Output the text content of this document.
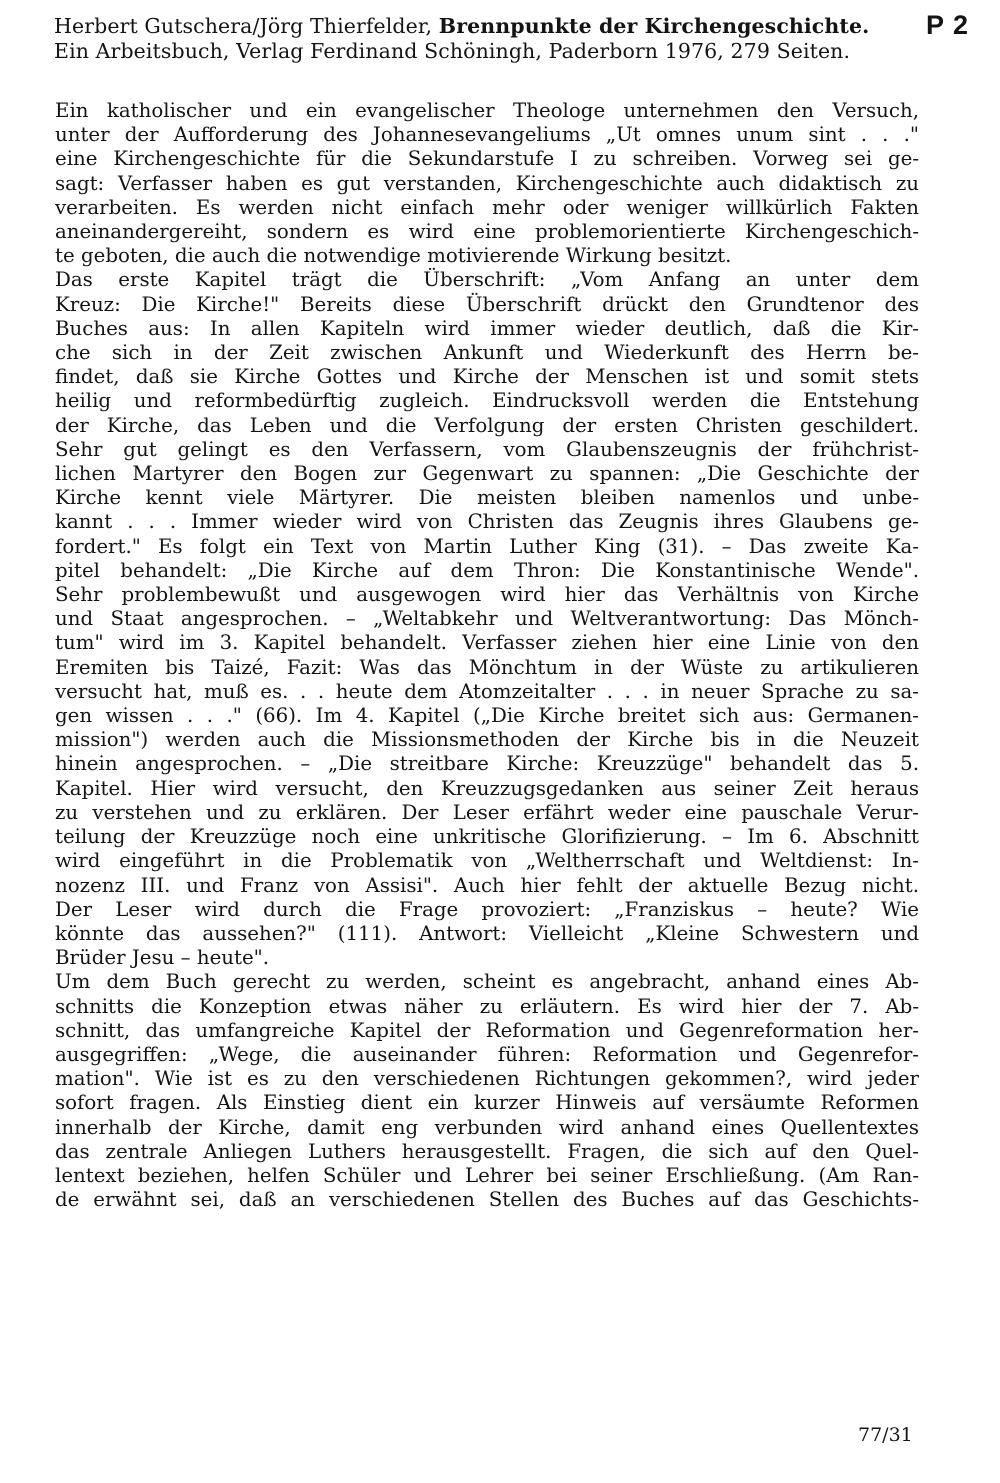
Herbert Gutschera/Jörg Thierfelder, Brennpunkte der Kirchengeschichte.
Ein Arbeitsbuch, Verlag Ferdinand Schöningh, Paderborn 1976, 279 Seiten.
P 2
Ein katholischer und ein evangelischer Theologe unternehmen den Versuch,
unter der Aufforderung des Johannesevangeliums „Ut omnes unum sint . . ."
eine Kirchengeschichte für die Sekundarstufe I zu schreiben. Vorweg sei ge-
sagt: Verfasser haben es gut verstanden, Kirchengeschichte auch didaktisch zu
verarbeiten. Es werden nicht einfach mehr oder weniger willkürlich Fakten
aneinandergereiht, sondern es wird eine problemorientierte Kirchengeschich-
te geboten, die auch die notwendige motivierende Wirkung besitzt.
Das erste Kapitel trägt die Überschrift: „Vom Anfang an unter dem
Kreuz: Die Kirche!" Bereits diese Überschrift drückt den Grundtenor des
Buches aus: In allen Kapiteln wird immer wieder deutlich, daß die Kir-
che sich in der Zeit zwischen Ankunft und Wiederkunft des Herrn be-
findet, daß sie Kirche Gottes und Kirche der Menschen ist und somit stets
heilig und reformbedürftig zugleich. Eindrucksvoll werden die Entstehung
der Kirche, das Leben und die Verfolgung der ersten Christen geschildert.
Sehr gut gelingt es den Verfassern, vom Glaubenszeugnis der frühchrist-
lichen Martyrer den Bogen zur Gegenwart zu spannen: „Die Geschichte der
Kirche kennt viele Märtyrer. Die meisten bleiben namenlos und unbe-
kannt . . . Immer wieder wird von Christen das Zeugnis ihres Glaubens ge-
fordert." Es folgt ein Text von Martin Luther King (31). – Das zweite Ka-
pitel behandelt: „Die Kirche auf dem Thron: Die Konstantinische Wende".
Sehr problembewußt und ausgewogen wird hier das Verhältnis von Kirche
und Staat angesprochen. – „Weltabkehr und Weltverantwortung: Das Mönch-
tum" wird im 3. Kapitel behandelt. Verfasser ziehen hier eine Linie von den
Eremiten bis Taizé, Fazit: Was das Mönchtum in der Wüste zu artikulieren
versucht hat, muß es. . . heute dem Atomzeitalter . . . in neuer Sprache zu sa-
gen wissen . . ." (66). Im 4. Kapitel („Die Kirche breitet sich aus: Germanen-
mission") werden auch die Missionsmethoden der Kirche bis in die Neuzeit
hinein angesprochen. – „Die streitbare Kirche: Kreuzzüge" behandelt das 5.
Kapitel. Hier wird versucht, den Kreuzzugsgedanken aus seiner Zeit heraus
zu verstehen und zu erklären. Der Leser erfährt weder eine pauschale Verur-
teilung der Kreuzzüge noch eine unkritische Glorifizierung. – Im 6. Abschnitt
wird eingeführt in die Problematik von „Weltherrschaft und Weltdienst: In-
nozenz III. und Franz von Assisi". Auch hier fehlt der aktuelle Bezug nicht.
Der Leser wird durch die Frage provoziert: „Franziskus – heute? Wie
könnte das aussehen?" (111). Antwort: Vielleicht „Kleine Schwestern und
Brüder Jesu – heute".
Um dem Buch gerecht zu werden, scheint es angebracht, anhand eines Ab-
schnitts die Konzeption etwas näher zu erläutern. Es wird hier der 7. Ab-
schnitt, das umfangreiche Kapitel der Reformation und Gegenreformation her-
ausgegriffen: „Wege, die auseinander führen: Reformation und Gegenrefor-
mation". Wie ist es zu den verschiedenen Richtungen gekommen?, wird jeder
sofort fragen. Als Einstieg dient ein kurzer Hinweis auf versäumte Reformen
innerhalb der Kirche, damit eng verbunden wird anhand eines Quellentextes
das zentrale Anliegen Luthers herausgestellt. Fragen, die sich auf den Quel-
lentext beziehen, helfen Schüler und Lehrer bei seiner Erschließung. (Am Ran-
de erwähnt sei, daß an verschiedenen Stellen des Buches auf das Geschichts-
77/31
